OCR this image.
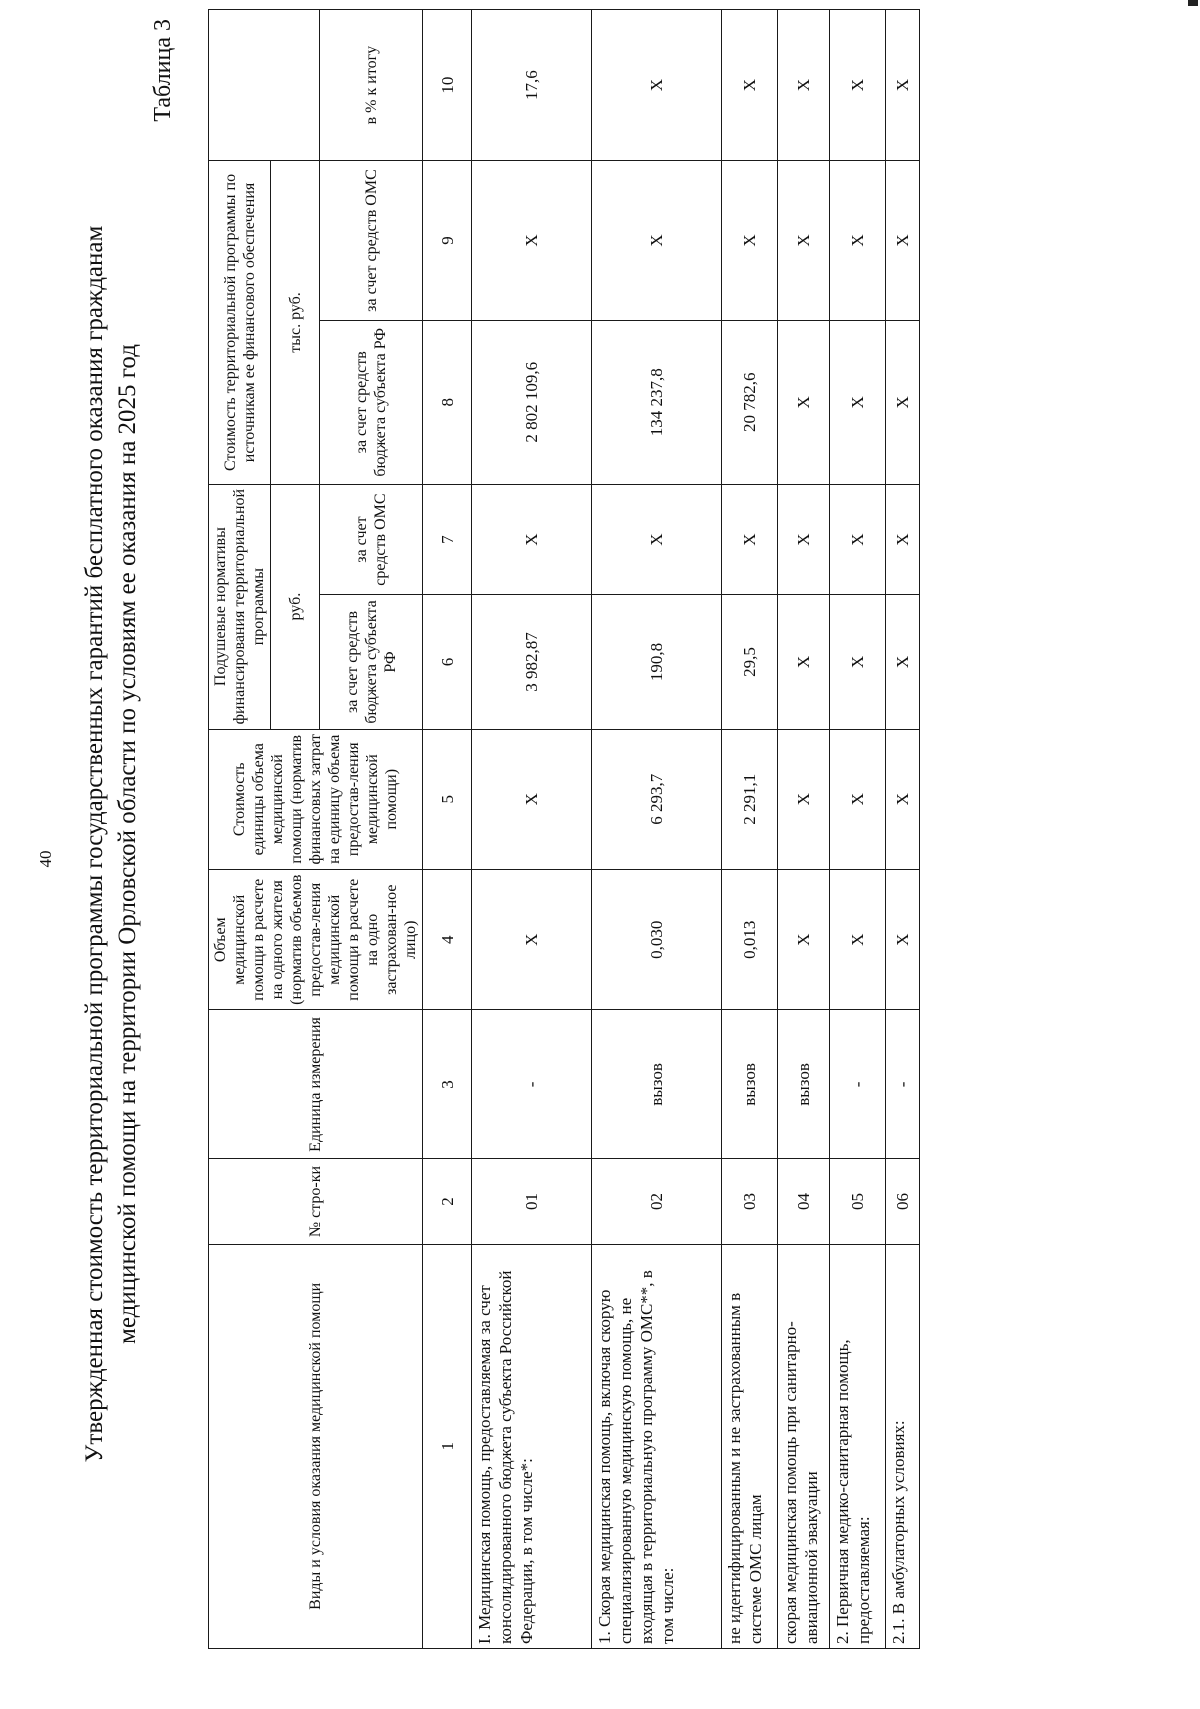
40 Утвержденная стоимость территориальной программы государственных гарантий бесплатного оказания гражданам медицинской помощи на территории Орловской области по условиям ее оказания на 2025 год
Таблица 3
Виды и условия оказания медицинской помощи	№ стро-ки	Единица измерения	Объем медицинской помощи в расчете на одного жителя (норматив объемов предостав-ления медицинской помощи в расчете на одно застрахован-ное лицо)	Стоимость единицы объема медицинской помощи (норматив финансовых затрат на единицу объема предостав-ления медицинской помощи)	Подушевые нормативы финансирования территориальной программы		Стоимость территориальной программы по источникам ее финансового обеспечения		
					руб.		тыс. руб.		
					за счет средств бюджета субъекта РФ	за счет средств ОМС	за счет средств бюджета субъекта РФ	за счет средств ОМС	в % к итогу
1	2	3	4	5	6	7	8	9	10
I. Медицинская помощь, предоставляемая за счет консолидированного бюджета субъекта Российской Федерации, в том числе*:	01	-	X	X	3 982,87	X	2 802 109,6	X	17,6
1. Скорая медицинская помощь, включая скорую специализированную медицинскую помощь, не входящая в территориальную программу ОМС**, в том числе:	02	вызов	0,030	6 293,7	190,8	X	134 237,8	X	X
не идентифицированным и не застрахованным в системе ОМС лицам	03	вызов	0,013	2 291,1	29,5	X	20 782,6	X	X
скорая медицинская помощь при санитарно-авиационной эвакуации	04	вызов	X	X	X	X	X	X	X
2. Первичная медико-санитарная помощь, предоставляемая:	05	-	X	X	X	X	X	X	X
2.1. В амбулаторных условиях:	06	-	X	X	X	X	X	X	X
